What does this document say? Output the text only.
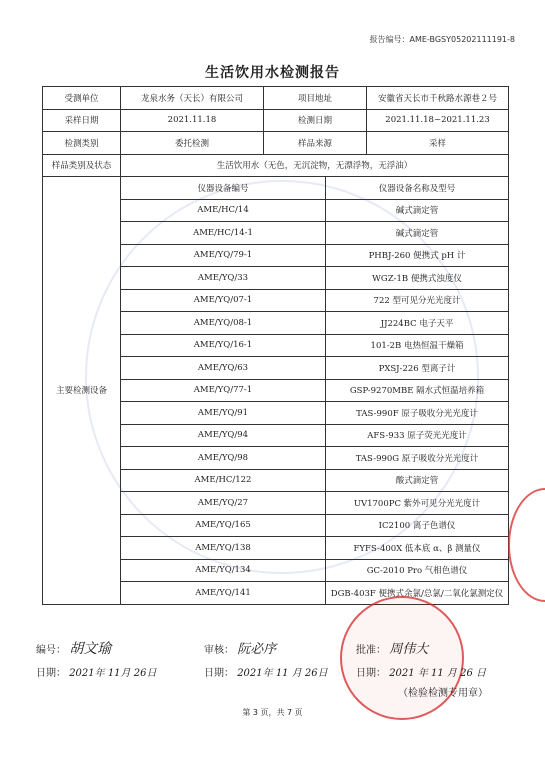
报告编号：AME-BGSY05202111191-8
生活饮用水检测报告
受测单位	龙泉水务（天长）有限公司	项目地址		安徽省天长市千秋路水源巷２号
采样日期	2021.11.18	检测日期		2021.11.18~2021.11.23
检测类别	委托检测	样品来源		采样
样品类别及状态	生活饮用水（无色，无沉淀物，无漂浮物，无浮油）			
主要检测设备	仪器设备编号		仪器设备名称及型号	
	AME/HC/14		碱式滴定管	
	AME/HC/14-1		碱式滴定管	
	AME/YQ/79-1		PHBJ-260 便携式 pH 计	
	AME/YQ/33		WGZ-1B 便携式浊度仪	
	AME/YQ/07-1		722 型可见分光光度计	
	AME/YQ/08-1		JJ224BC 电子天平	
	AME/YQ/16-1		101-2B 电热恒温干燥箱	
	AME/YQ/63		PXSJ-226 型离子计	
	AME/YQ/77-1		GSP-9270MBE 隔水式恒温培养箱	
	AME/YQ/91		TAS-990F 原子吸收分光光度计	
	AME/YQ/94		AFS-933 原子荧光光度计	
	AME/YQ/98		TAS-990G 原子吸收分光光度计	
	AME/HC/122		酸式滴定管	
	AME/YQ/27		UV1700PC 紫外可见分光光度计	
	AME/YQ/165		IC2100 离子色谱仪	
	AME/YQ/138		FYFS-400X 低本底 α、β 测量仪	
	AME/YQ/134		GC-2010 Pro 气相色谱仪	
	AME/YQ/141		DGB-403F 便携式余氯/总氯/二氧化氯测定仪	
编号： 胡文瑜
日期： 2021年 11月 26日
审核： 阮必序
日期： 2021年 11 月 26日
批准： 周伟大
日期： 2021 年 11 月 26 日
（检验检测专用章）
第 3 页，共 7 页
